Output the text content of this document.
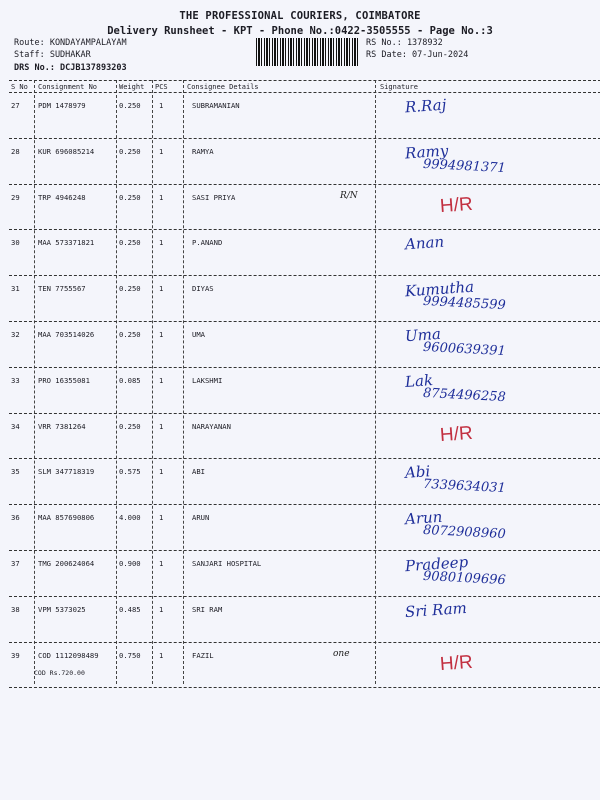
THE PROFESSIONAL COURIERS, COIMBATORE
Delivery Runsheet - KPT - Phone No.:0422-3505555 - Page No.:3
Route: KONDAYAMPALAYAM
Staff: SUDHAKAR
DRS No.: DCJB137893203
RS No.: 1378932
RS Date: 07-Jun-2024
S No Consignment No	Weight PCS	Consignee Details	Signature
27	PDM 1478979	0.250	1	SUBRAMANIAN	R.Raj
28	KUR 696085214	0.250	1	RAMYA	Ramy
9994981371
29	TRP 4946248	0.250	1	SASI PRIYA	H/R
R/N
30	MAA 573371821	0.250	1	P.ANAND	Anan
31	TEN 7755567	0.250	1	DIYAS	Kumutha
9994485599
32	MAA 703514026	0.250	1	UMA	Uma
9600639391
33	PRO 16355081	0.085	1	LAKSHMI	Lak
8754496258
34	VRR 7381264	0.250	1	NARAYANAN	H/R
35	SLM 347718319	0.575	1	ABI	Abi
7339634031
36	MAA 857690806	4.000	1	ARUN	Arun
8072908960
37	TMG 200624064	0.900	1	SANJARI HOSPITAL	Pradeep
9080109696
38	VPM 5373025	0.485	1	SRI RAM	Sri Ram
39	COD 1112098489	0.750	1	FAZIL	H/R
one
COD Rs.720.00
